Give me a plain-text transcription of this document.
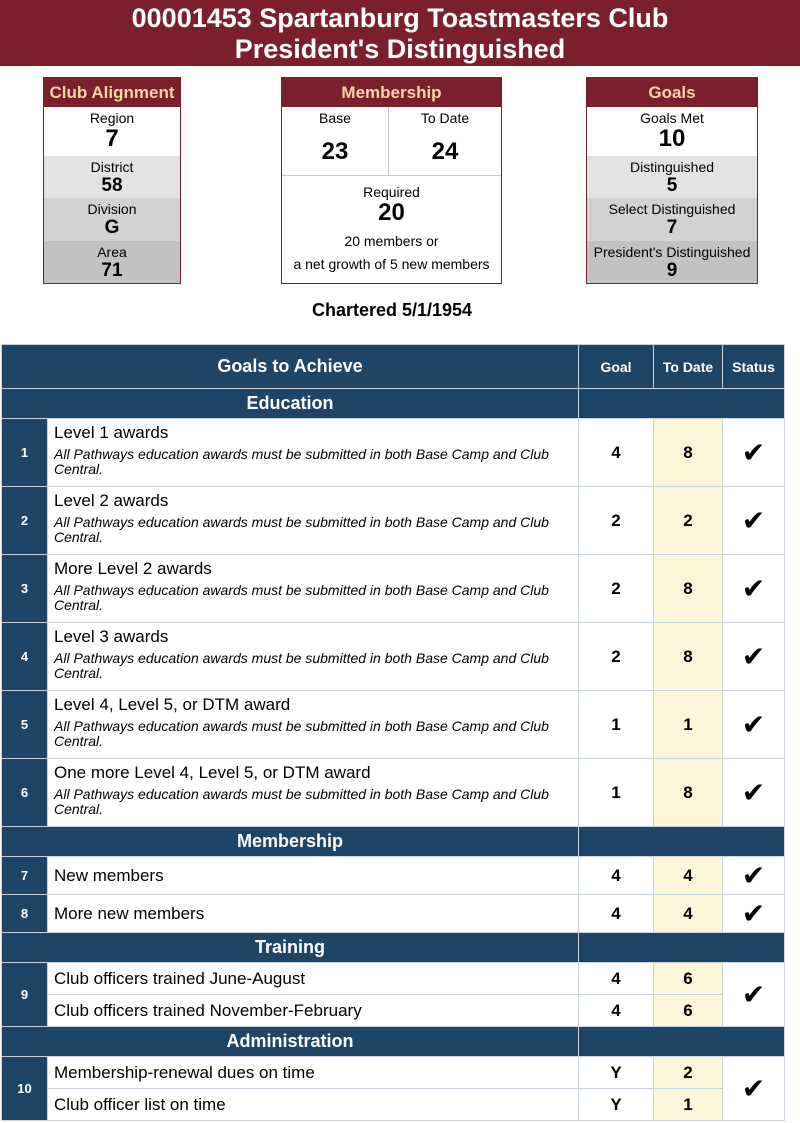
00001453 Spartanburg Toastmasters Club
President's Distinguished
Club Alignment
Region
7
District
58
Division
G
Area
71
Membership
Base
23
To Date
24
Required
20
20 members or
a net growth of 5 new members
Goals
Goals Met
10
Distinguished
5
Select Distinguished
7
President's Distinguished
9
Chartered 5/1/1954
Goals to Achieve		Goal	To Date	Status
Education				
1	Level 1 awards
All Pathways education awards must be submitted in both Base Camp and Club Central.	4	8	✔
2	Level 2 awards
All Pathways education awards must be submitted in both Base Camp and Club Central.	2	2	✔
3	More Level 2 awards
All Pathways education awards must be submitted in both Base Camp and Club Central.	2	8	✔
4	Level 3 awards
All Pathways education awards must be submitted in both Base Camp and Club Central.	2	8	✔
5	Level 4, Level 5, or DTM award
All Pathways education awards must be submitted in both Base Camp and Club Central.	1	1	✔
6	One more Level 4, Level 5, or DTM award
All Pathways education awards must be submitted in both Base Camp and Club Central.	1	8	✔
Membership				
7	New members	4	4	✔
8	More new members	4	4	✔
Training				
9	Club officers trained June-August	4	6	✔
	Club officers trained November-February	4	6	
Administration				
10	Membership-renewal dues on time	Y	2	✔
	Club officer list on time	Y	1	
